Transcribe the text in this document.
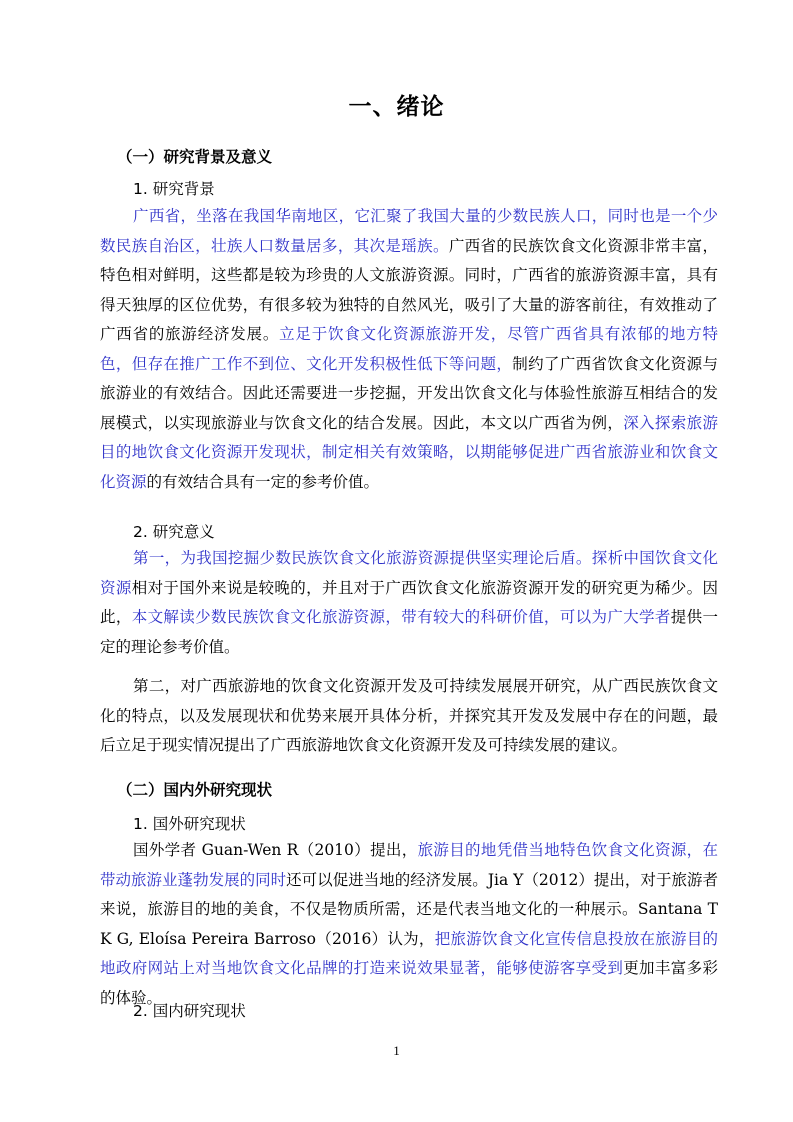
一、绪论
（一）研究背景及意义
1. 研究背景

广西省，坐落在我国华南地区，它汇聚了我国大量的少数民族人口，同时也是一个少数民族自治区，壮族人口数量居多，其次是瑶族。广西省的民族饮食文化资源非常丰富，特色相对鲜明，这些都是较为珍贵的人文旅游资源。同时，广西省的旅游资源丰富，具有得天独厚的区位优势，有很多较为独特的自然风光，吸引了大量的游客前往，有效推动了广西省的旅游经济发展。立足于饮食文化资源旅游开发，尽管广西省具有浓郁的地方特色，但存在推广工作不到位、文化开发积极性低下等问题，制约了广西省饮食文化资源与旅游业的有效结合。因此还需要进一步挖掘，开发出饮食文化与体验性旅游互相结合的发展模式，以实现旅游业与饮食文化的结合发展。因此，本文以广西省为例，深入探索旅游目的地饮食文化资源开发现状，制定相关有效策略，以期能够促进广西省旅游业和饮食文化资源的有效结合具有一定的参考价值。

2. 研究意义

第一，为我国挖掘少数民族饮食文化旅游资源提供坚实理论后盾。探析中国饮食文化资源相对于国外来说是较晚的，并且对于广西饮食文化旅游资源开发的研究更为稀少。因此，本文解读少数民族饮食文化旅游资源，带有较大的科研价值，可以为广大学者提供一定的理论参考价值。

第二，对广西旅游地的饮食文化资源开发及可持续发展展开研究，从广西民族饮食文化的特点，以及发展现状和优势来展开具体分析，并探究其开发及发展中存在的问题，最后立足于现实情况提出了广西旅游地饮食文化资源开发及可持续发展的建议。

（二）国内外研究现状
1. 国外研究现状

国外学者 Guan-Wen R（2010）提出，旅游目的地凭借当地特色饮食文化资源，在带动旅游业蓬勃发展的同时还可以促进当地的经济发展。Jia Y（2012）提出，对于旅游者来说，旅游目的地的美食，不仅是物质所需，还是代表当地文化的一种展示。Santana T K G, Eloísa Pereira Barroso（2016）认为，把旅游饮食文化宣传信息投放在旅游目的地政府网站上对当地饮食文化品牌的打造来说效果显著，能够使游客享受到更加丰富多彩的体验。

2. 国内研究现状
1
